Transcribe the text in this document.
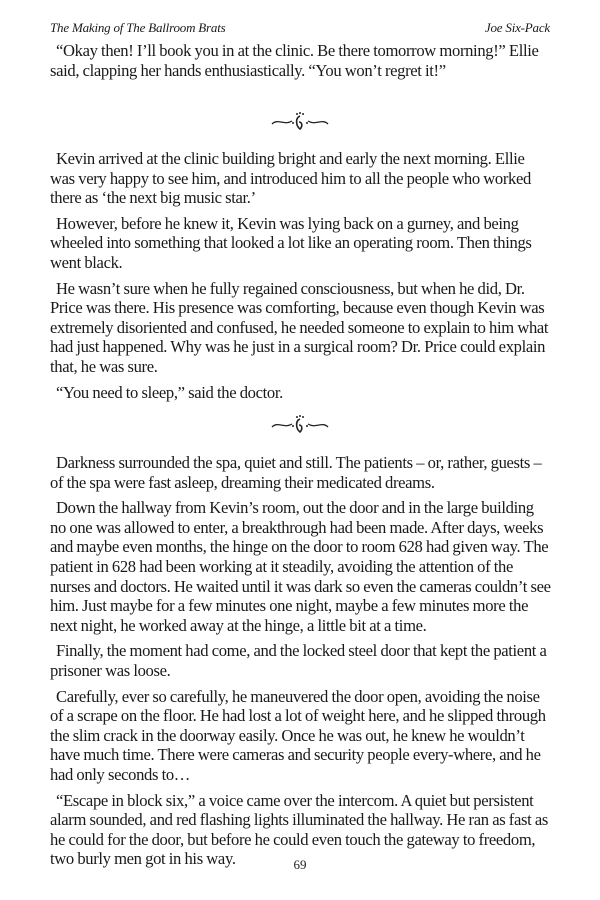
The Making of The Ballroom Brats	Joe Six-Pack

“Okay then! I’ll book you in at the clinic. Be there tomorrow morning!” Ellie said, clapping her hands enthusiastically. “You won’t regret it!”

Kevin arrived at the clinic building bright and early the next morning. Ellie was very happy to see him, and introduced him to all the people who worked there as ‘the next big music star.’

However, before he knew it, Kevin was lying back on a gurney, and being wheeled into something that looked a lot like an operating room. Then things went black.

He wasn’t sure when he fully regained consciousness, but when he did, Dr. Price was there. His presence was comforting, because even though Kevin was extremely disoriented and confused, he needed someone to explain to him what had just happened. Why was he just in a surgical room? Dr. Price could explain that, he was sure.

“You need to sleep,” said the doctor.

Darkness surrounded the spa, quiet and still. The patients – or, rather, guests – of the spa were fast asleep, dreaming their medicated dreams.

Down the hallway from Kevin’s room, out the door and in the large building no one was allowed to enter, a breakthrough had been made. After days, weeks and maybe even months, the hinge on the door to room 628 had given way. The patient in 628 had been working at it steadily, avoiding the attention of the nurses and doctors. He waited until it was dark so even the cameras couldn’t see him. Just maybe for a few minutes one night, maybe a few minutes more the next night, he worked away at the hinge, a little bit at a time.

Finally, the moment had come, and the locked steel door that kept the patient a prisoner was loose.

Carefully, ever so carefully, he maneuvered the door open, avoiding the noise of a scrape on the floor. He had lost a lot of weight here, and he slipped through the slim crack in the doorway easily. Once he was out, he knew he wouldn’t have much time. There were cameras and security people every-where, and he had only seconds to…

“Escape in block six,” a voice came over the intercom. A quiet but persistent alarm sounded, and red flashing lights illuminated the hallway. He ran as fast as he could for the door, but before he could even touch the gateway to freedom, two burly men got in his way.	69
